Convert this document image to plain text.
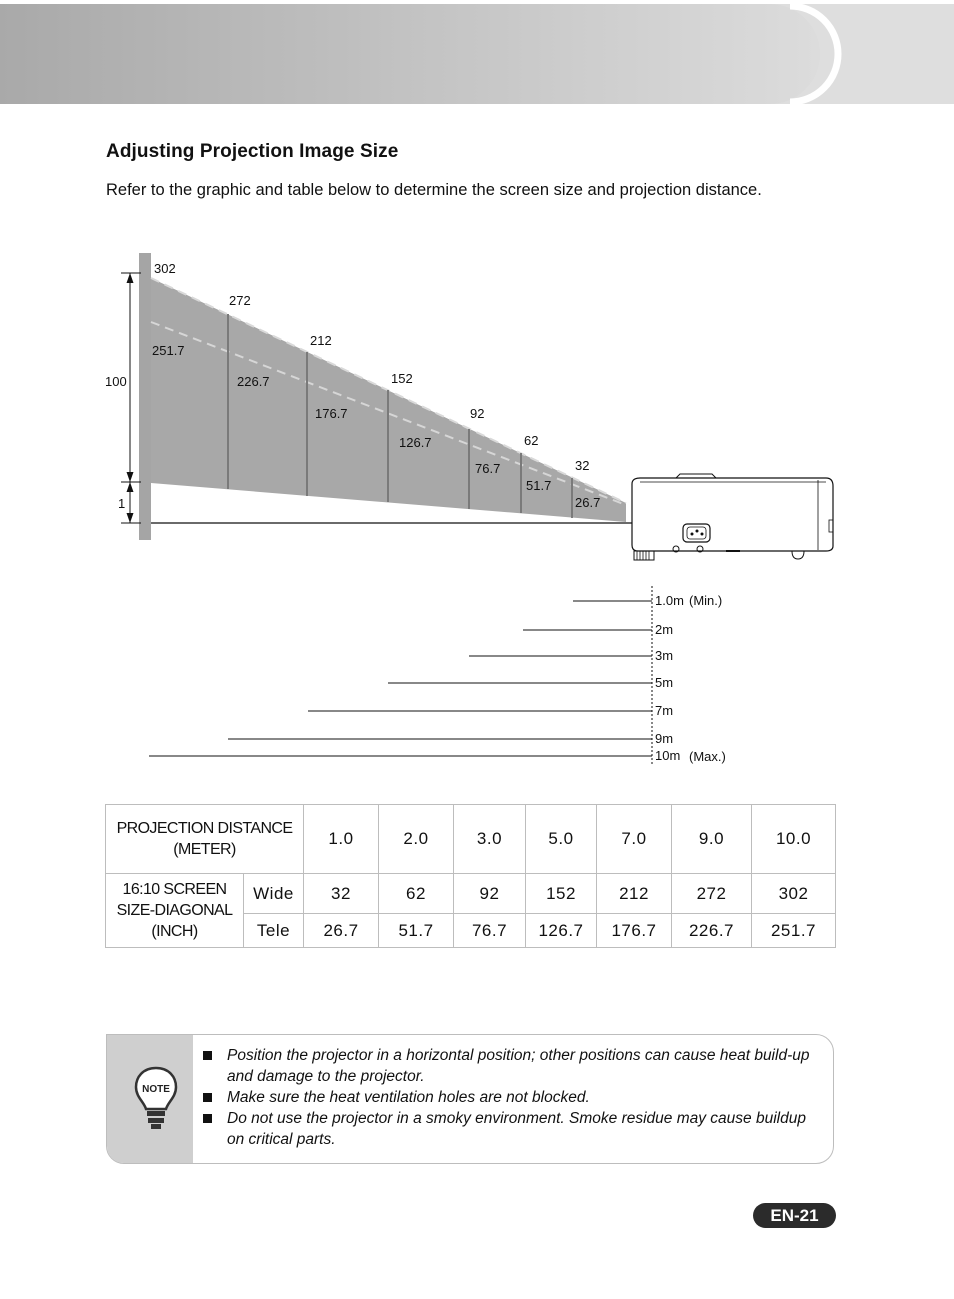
Adjusting Projection Image Size

Refer to the graphic and table below to determine the screen size and projection distance.

100
1
302
272
212
152
92
62
32
251.7
226.7
176.7
126.7
76.7
51.7
26.7
1.0m (Min.)
2m
3m
5m
7m
9m
10m (Max.)
PROJECTION DISTANCE (METER)		1.0	2.0	3.0	5.0	7.0	9.0	10.0
16:10 SCREEN SIZE-DIAGONAL (INCH)	Wide	32	62	92	152	212	272	302
	Tele	26.7	51.7	76.7	126.7	176.7	226.7	251.7
NOTE
Position the projector in a horizontal position; other positions can cause heat build-up and damage to the projector.
Make sure the heat ventilation holes are not blocked.
Do not use the projector in a smoky environment. Smoke residue may cause buildup on critical parts.
EN-21
